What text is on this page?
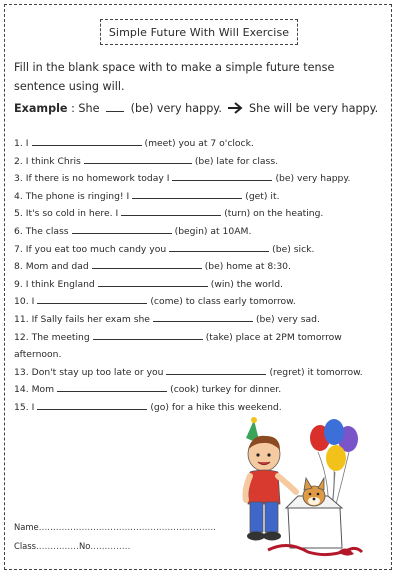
Simple Future With Will Exercise
Fill in the blank space with to make a simple future tense sentence using will.
Example : She	(be) very happy. She will be very happy.
1. I	(meet) you at 7 o'clock.
2. I think Chris	(be) late for class.
3. If there is no homework today I	(be) very happy.
4. The phone is ringing! I	(get) it.
5. It's so cold in here. I	(turn) on the heating.
6. The class	(begin) at 10AM.
7. If you eat too much candy you	(be) sick.
8. Mom and dad	(be) home at 8:30.
9. I think England	(win) the world.
10. I	(come) to class early tomorrow.
11. If Sally fails her exam she	(be) very sad.
12. The meeting	(take) place at 2PM tomorrow
afternoon.
13. Don't stay up too late or you	(regret) it tomorrow.
14. Mom	(cook) turkey for dinner.
15. I	(go) for a hike this weekend.
Name..............................................................
Class...............No..............
